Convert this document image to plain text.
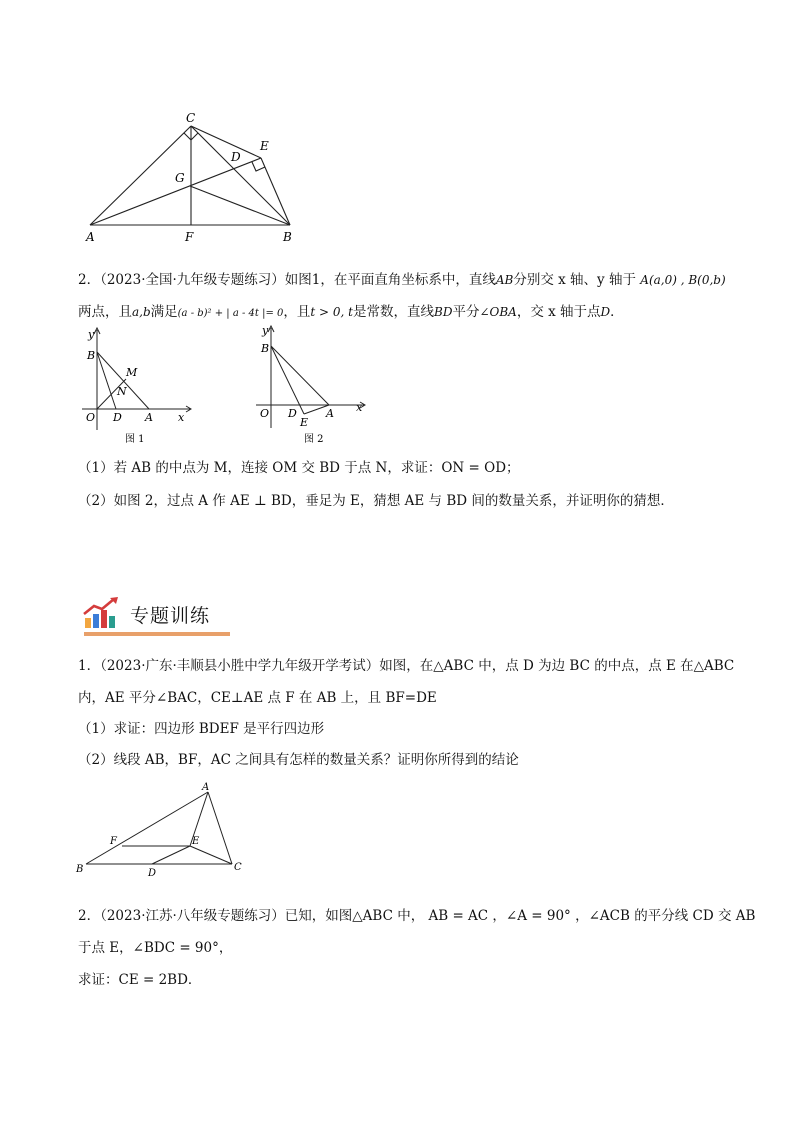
C
E
D
G
A	F	B
2．（2023·全国·九年级专题练习）如图1，在平面直角坐标系中，直线AB分别交 x 轴、y 轴于 A(a,0) , B(0,b)
两点，且a,b满足(a - b)² + | a - 4t |= 0，且t > 0, t是常数，直线BD平分∠OBA，交 x 轴于点D．
y
B
M
N
O D A x
图 1
y
B
O D	A
E
x
图 2
（1）若 AB 的中点为 M，连接 OM 交 BD 于点 N，求证：ON = OD；
（2）如图 2，过点 A 作 AE ⊥ BD，垂足为 E，猜想 AE 与 BD 间的数量关系，并证明你的猜想．
专题训练
1．（2023·广东·丰顺县小胜中学九年级开学考试）如图，在△ABC 中，点 D 为边 BC 的中点，点 E 在△ABC
内，AE 平分∠BAC，CE⊥AE 点 F 在 AB 上，且 BF=DE
（1）求证：四边形 BDEF 是平行四边形
（2）线段 AB，BF，AC 之间具有怎样的数量关系？证明你所得到的结论
A
F	E
B	D
C
2．（2023·江苏·八年级专题练习）已知，如图△ABC 中， AB = AC ，∠A = 90° ，∠ACB 的平分线 CD 交 AB
于点 E，∠BDC = 90°，
求证：CE = 2BD．
